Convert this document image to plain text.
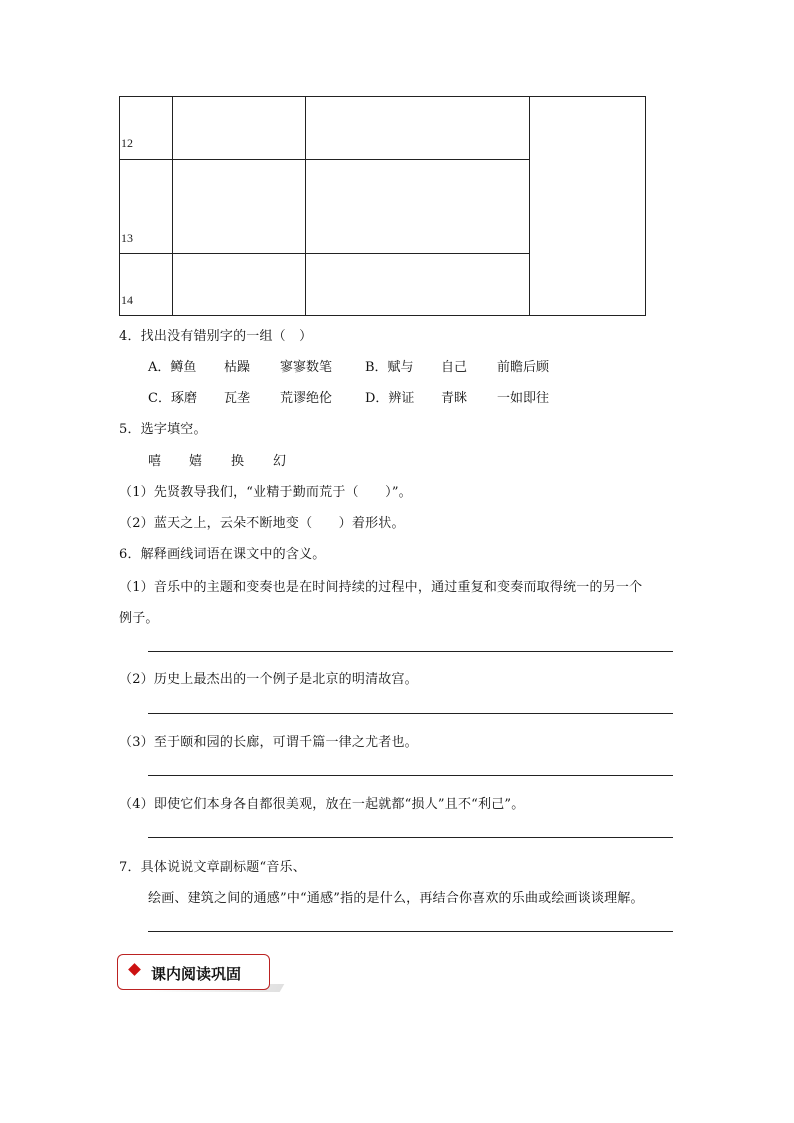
12
13
14
4．找出没有错别字的一组（　）
A．鳟鱼 枯躁 寥寥数笔	B．赋与 自己 前瞻后顾
C．琢磨 瓦垄 荒谬绝伦	D．辨证 青眯 一如即往
5．选字填空。
嘻 嬉 换 幻
（1）先贤教导我们，“业精于勤而荒于（　　）”。
（2）蓝天之上，云朵不断地变（　　）着形状。
6．解释画线词语在课文中的含义。
（1）音乐中的主题和变奏也是在时间持续的过程中，通过重复和变奏而取得统一的另一个
例子。
（2）历史上最杰出的一个例子是北京的明清故宫。
（3）至于颐和园的长廊，可谓千篇一律之尤者也。
（4）即使它们本身各自都很美观，放在一起就都“损人”且不“利己”。
7．具体说说文章副标题“音乐、
绘画、建筑之间的通感”中“通感”指的是什么，再结合你喜欢的乐曲或绘画谈谈理解。
课内阅读巩固
